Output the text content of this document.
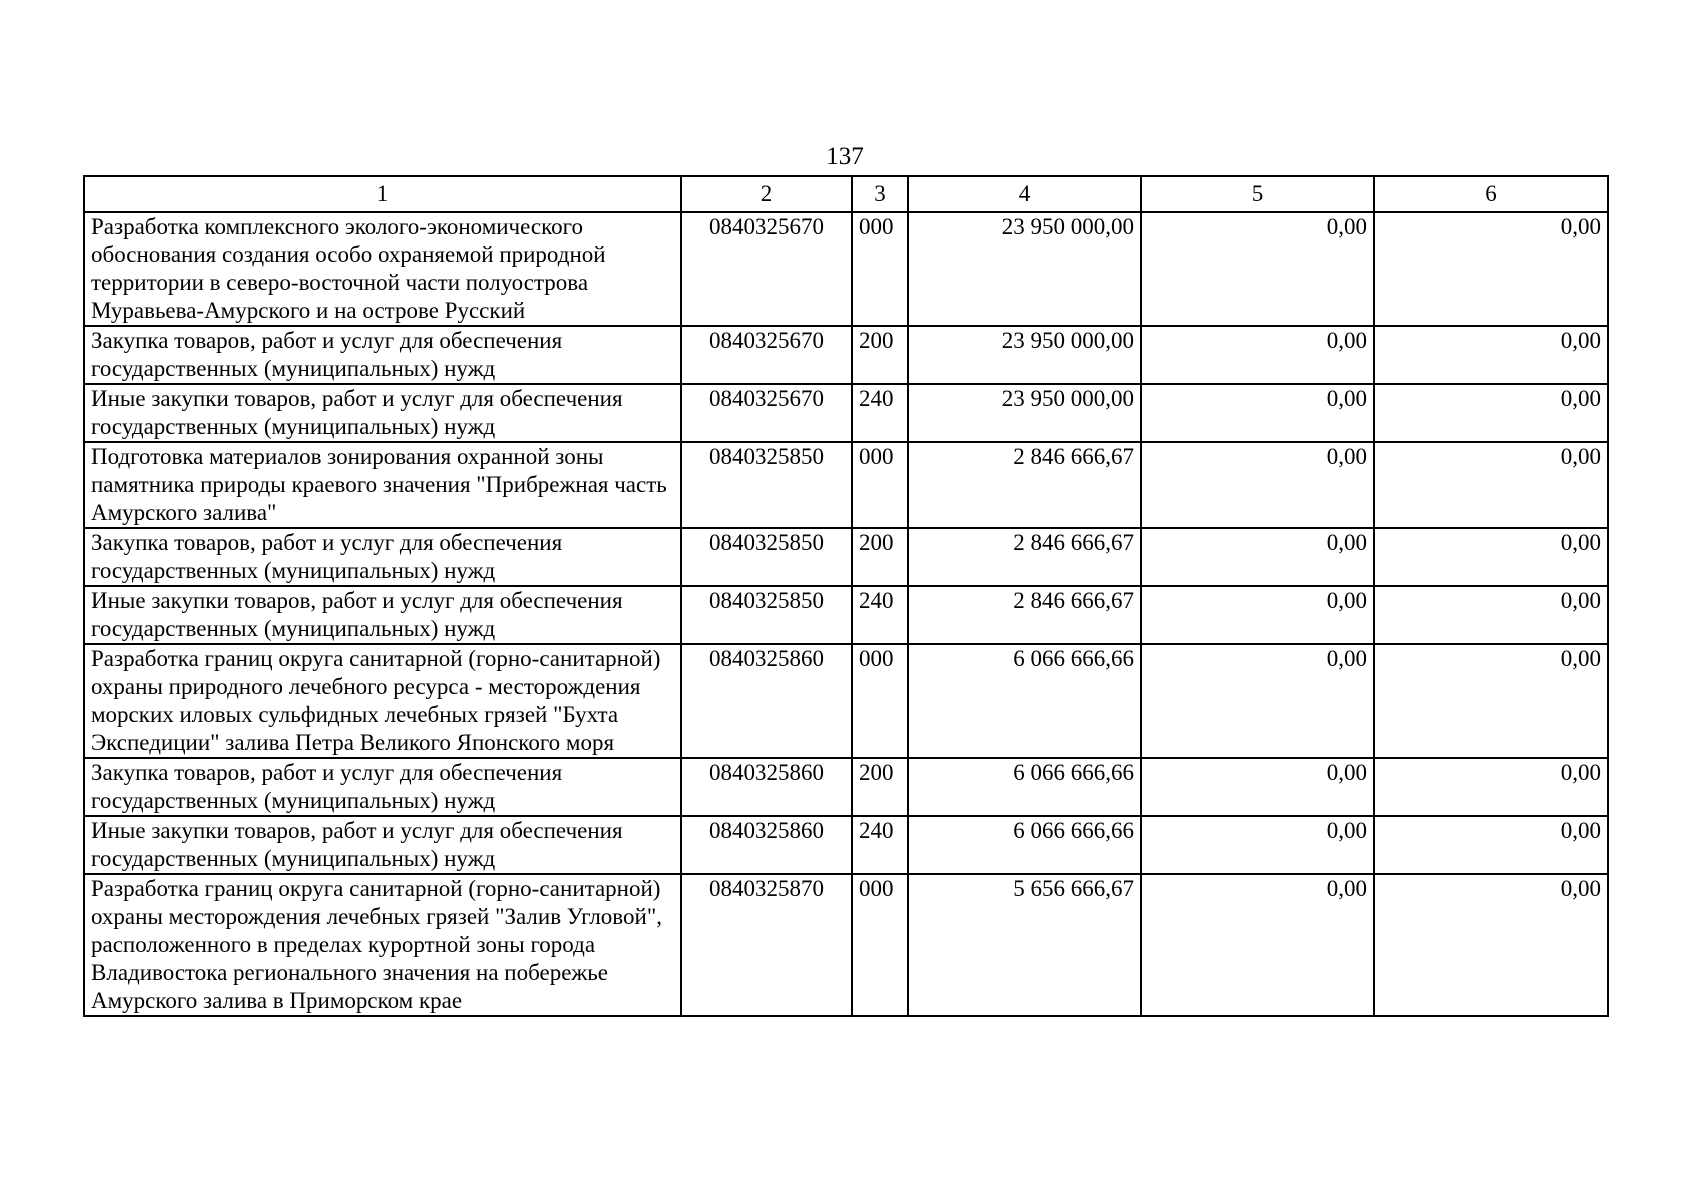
137
1	2	3	4	5	6
Разработка комплексного эколого-экономического обоснования создания особо охраняемой природной территории в северо-восточной части полуострова Муравьева-Амурского и на острове Русский	0840325670	000	23 950 000,00	0,00	0,00
Закупка товаров, работ и услуг для обеспечения государственных (муниципальных) нужд	0840325670	200	23 950 000,00	0,00	0,00
Иные закупки товаров, работ и услуг для обеспечения государственных (муниципальных) нужд	0840325670	240	23 950 000,00	0,00	0,00
Подготовка материалов зонирования охранной зоны памятника природы краевого значения "Прибрежная часть Амурского залива"	0840325850	000	2 846 666,67	0,00	0,00
Закупка товаров, работ и услуг для обеспечения государственных (муниципальных) нужд	0840325850	200	2 846 666,67	0,00	0,00
Иные закупки товаров, работ и услуг для обеспечения государственных (муниципальных) нужд	0840325850	240	2 846 666,67	0,00	0,00
Разработка границ округа санитарной (горно-санитарной) охраны природного лечебного ресурса - месторождения морских иловых сульфидных лечебных грязей "Бухта Экспедиции" залива Петра Великого Японского моря	0840325860	000	6 066 666,66	0,00	0,00
Закупка товаров, работ и услуг для обеспечения государственных (муниципальных) нужд	0840325860	200	6 066 666,66	0,00	0,00
Иные закупки товаров, работ и услуг для обеспечения государственных (муниципальных) нужд	0840325860	240	6 066 666,66	0,00	0,00
Разработка границ округа санитарной (горно-санитарной) охраны месторождения лечебных грязей "Залив Угловой", расположенного в пределах курортной зоны города Владивостока регионального значения на побережье Амурского залива в Приморском крае	0840325870	000	5 656 666,67	0,00	0,00
